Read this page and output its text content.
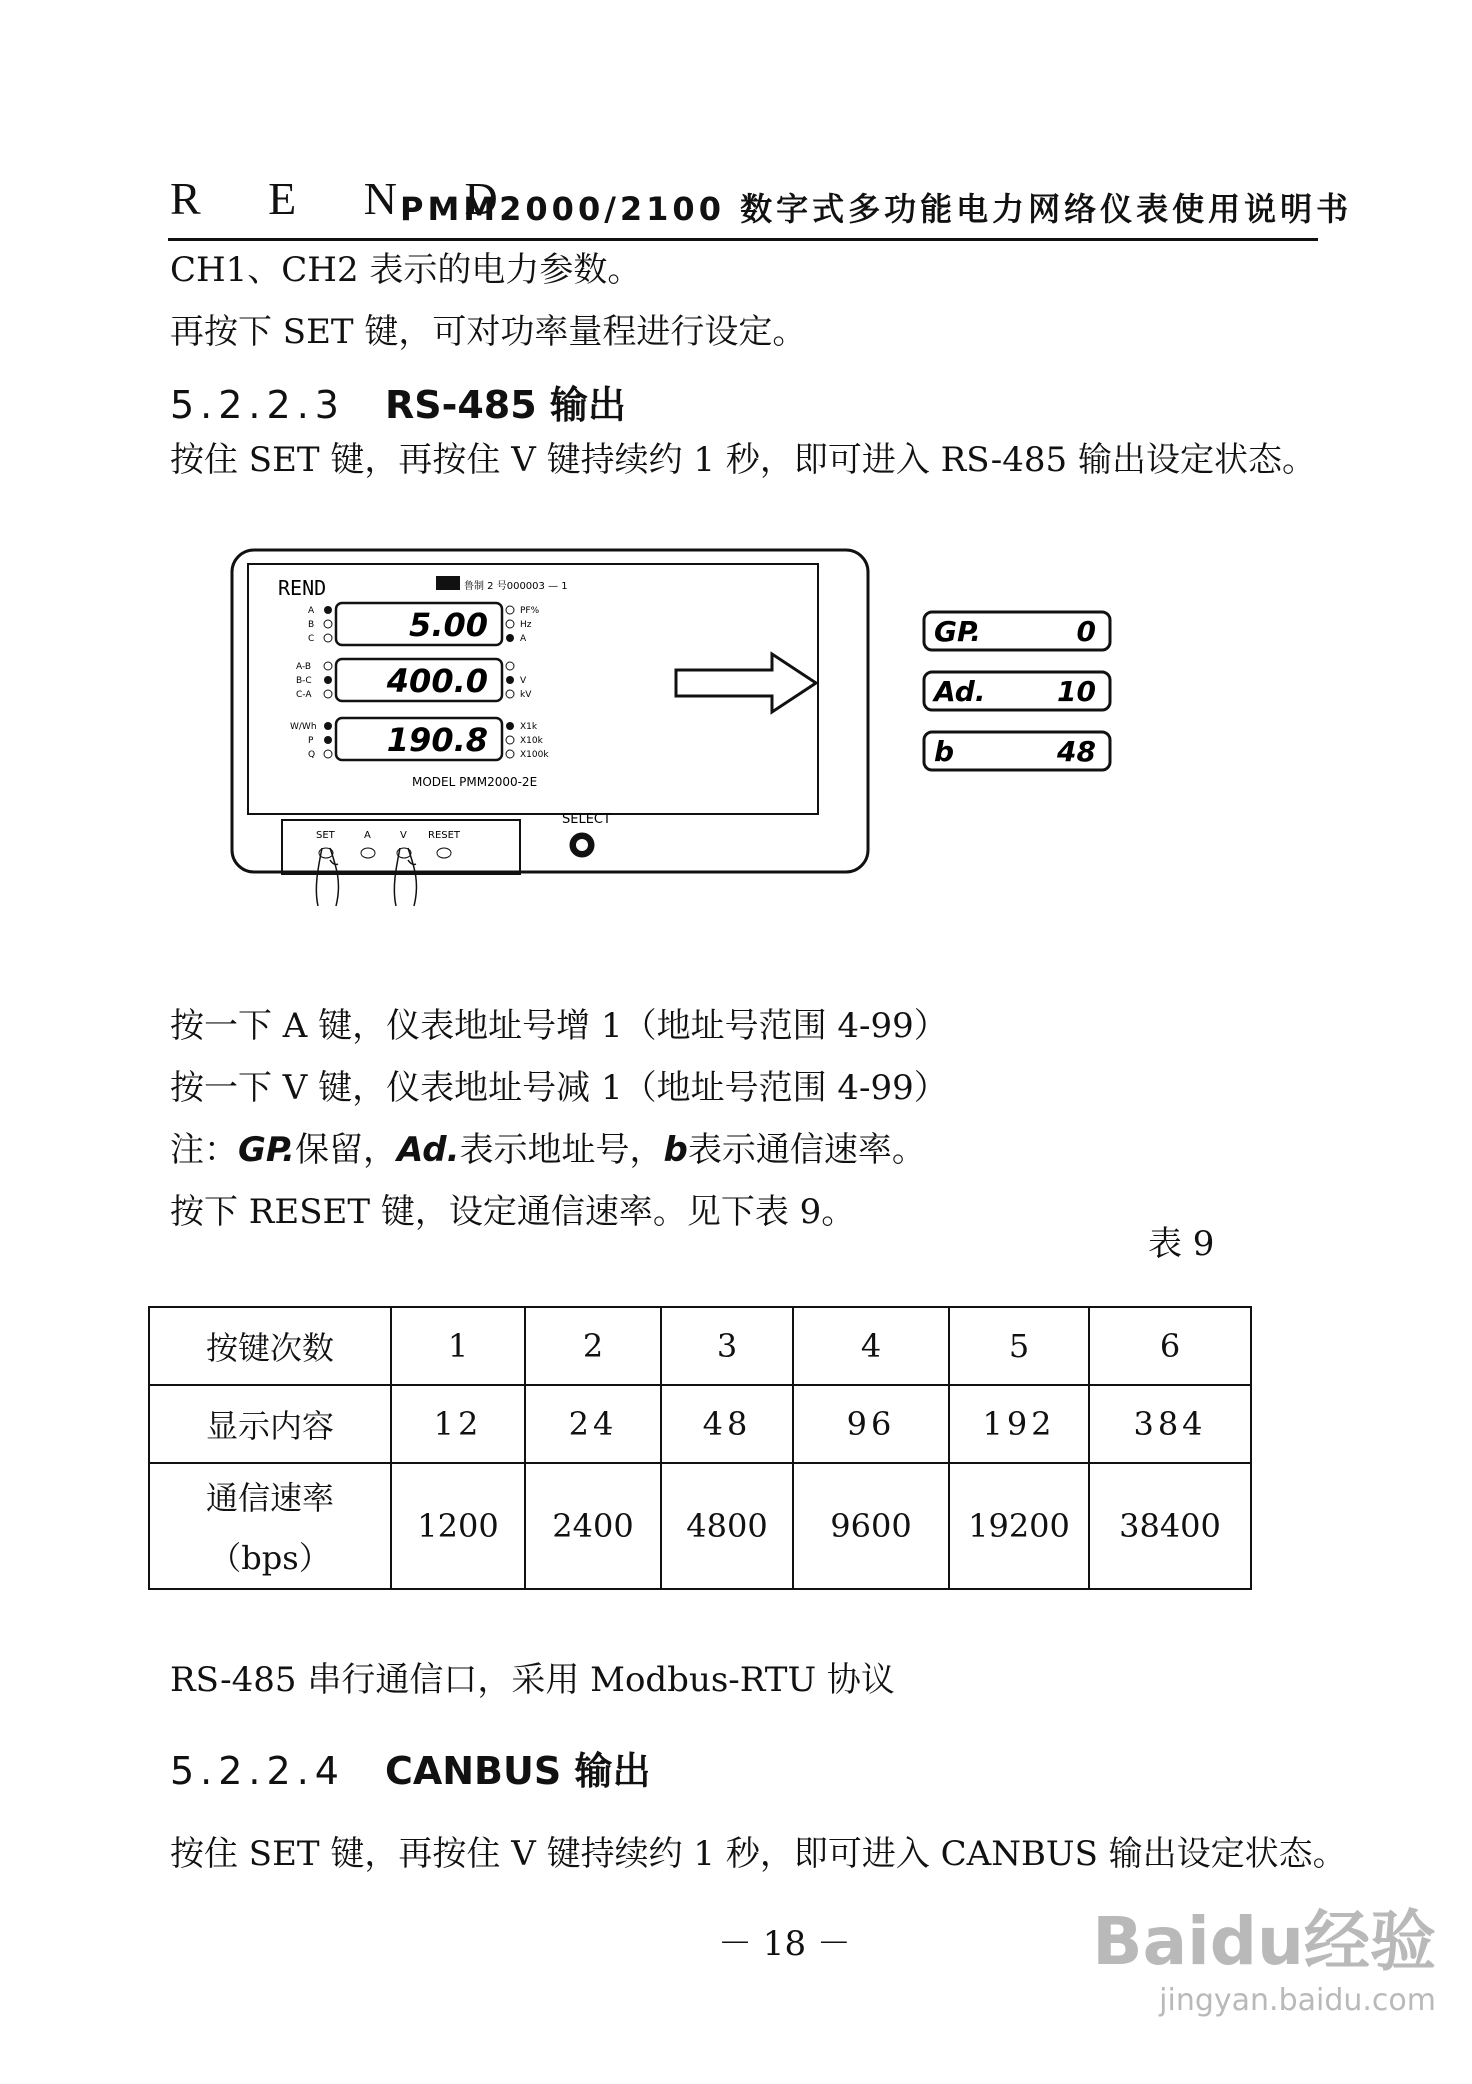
R E N D
PMM2000/2100 数字式多功能电力网络仪表使用说明书
CH1、CH2 表示的电力参数。
再按下 SET 键，可对功率量程进行设定。
5.2.2.3 RS-485 输出
按住 SET 键，再按住 V 键持续约 1 秒，即可进入 RS-485 输出设定状态。
REND	鲁制 2 号000003 — 1
A
B
C	5.00	PF%
Hz
A
A-B
B-C
C-A 400.0	V
kV
W/Wh
P
Q 190.8	X1k
X10k
X100k
MODEL PMM2000-2E
SELECT
SET	A	V RESET
GP.	0
Ad.	10
b	48
按一下 A 键，仪表地址号增 1（地址号范围 4-99）
按一下 V 键，仪表地址号减 1（地址号范围 4-99）
注：GP.保留，Ad.表示地址号，b表示通信速率。
按下 RESET 键，设定通信速率。见下表 9。
表 9
按键次数	1	2	3	4	5	6
显示内容	12	24	48	96	192	384

通信速率
（bps）	1200	2400	4800	9600	19200	38400
RS-485 串行通信口，采用 Modbus-RTU 协议
5.2.2.4 CANBUS 输出
按住 SET 键，再按住 V 键持续约 1 秒，即可进入 CANBUS 输出设定状态。
－ 18 －	Baidu经验
jingyan.baidu.com
